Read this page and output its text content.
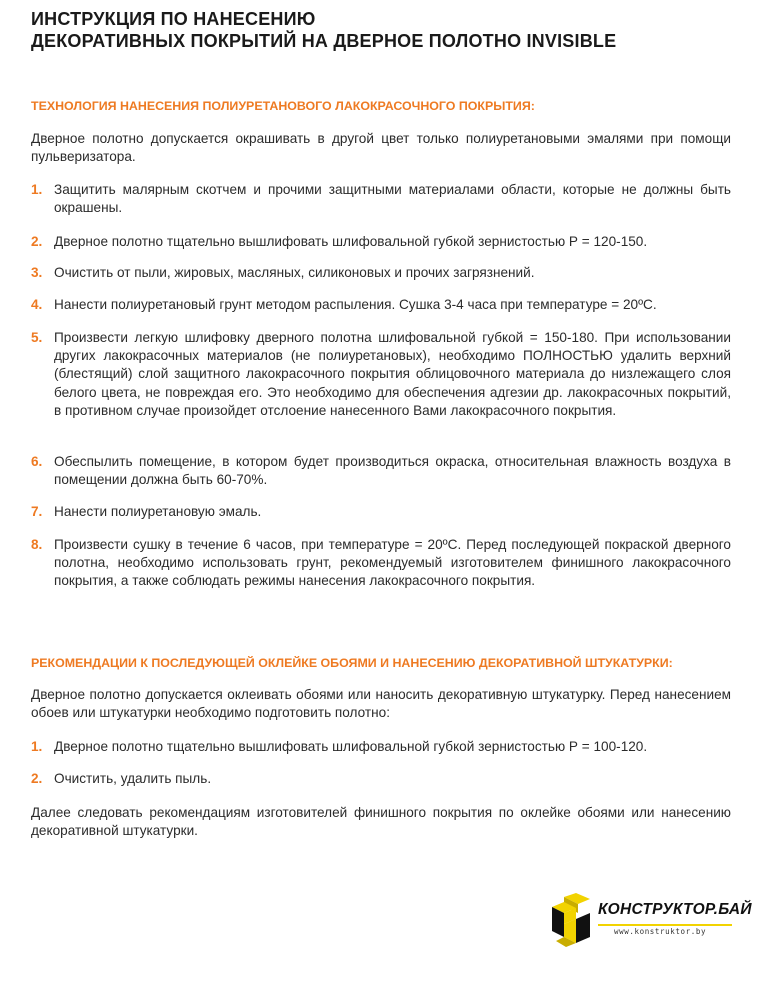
ИНСТРУКЦИЯ ПО НАНЕСЕНИЮ
ДЕКОРАТИВНЫХ ПОКРЫТИЙ НА ДВЕРНОЕ ПОЛОТНО INVISIBLE
ТЕХНОЛОГИЯ НАНЕСЕНИЯ ПОЛИУРЕТАНОВОГО ЛАКОКРАСОЧНОГО ПОКРЫТИЯ:
Дверное полотно допускается окрашивать в другой цвет только полиуретановыми эмалями при помощи пульверизатора.
1. Защитить малярным скотчем и прочими защитными материалами области, которые не должны быть окрашены.
2. Дверное полотно тщательно вышлифовать шлифовальной губкой зернистостью Р = 120-150.
3. Очистить от пыли, жировых, масляных, силиконовых и прочих загрязнений.
4. Нанести полиуретановый грунт методом распыления. Сушка 3-4 часа при температуре = 20ºС.
5. Произвести легкую шлифовку дверного полотна шлифовальной губкой = 150-180. При использовании других лакокрасочных материалов (не полиуретановых), необходимо ПОЛНОСТЬЮ удалить верхний (блестящий) слой защитного лакокрасочного покрытия облицовочного материала до низлежащего слоя белого цвета, не повреждая его. Это необходимо для обеспечения адгезии др. лакокрасочных покрытий, в противном случае произойдет отслоение нанесенного Вами лакокрасочного покрытия.
6. Обеспылить помещение, в котором будет производиться окраска, относительная влажность воздуха в помещении должна быть 60-70%.
7. Нанести полиуретановую эмаль.
8. Произвести сушку в течение 6 часов, при температуре = 20ºС. Перед последующей покраской дверного полотна, необходимо использовать грунт, рекомендуемый изготовителем финишного лакокрасочного покрытия, а также соблюдать режимы нанесения лакокрасочного покрытия.
РЕКОМЕНДАЦИИ К ПОСЛЕДУЮЩЕЙ ОКЛЕЙКЕ ОБОЯМИ И НАНЕСЕНИЮ ДЕКОРАТИВНОЙ ШТУКАТУРКИ:
Дверное полотно допускается оклеивать обоями или наносить декоративную штукатурку. Перед нанесением обоев или штукатурки необходимо подготовить полотно:
1. Дверное полотно тщательно вышлифовать шлифовальной губкой зернистостью Р = 100-120.
2. Очистить, удалить пыль.
Далее следовать рекомендациям изготовителей финишного покрытия по оклейке обоями или нанесению декоративной штукатурки.
КОНСТРУКТОР.БАЙ
www.konstruktor.by
